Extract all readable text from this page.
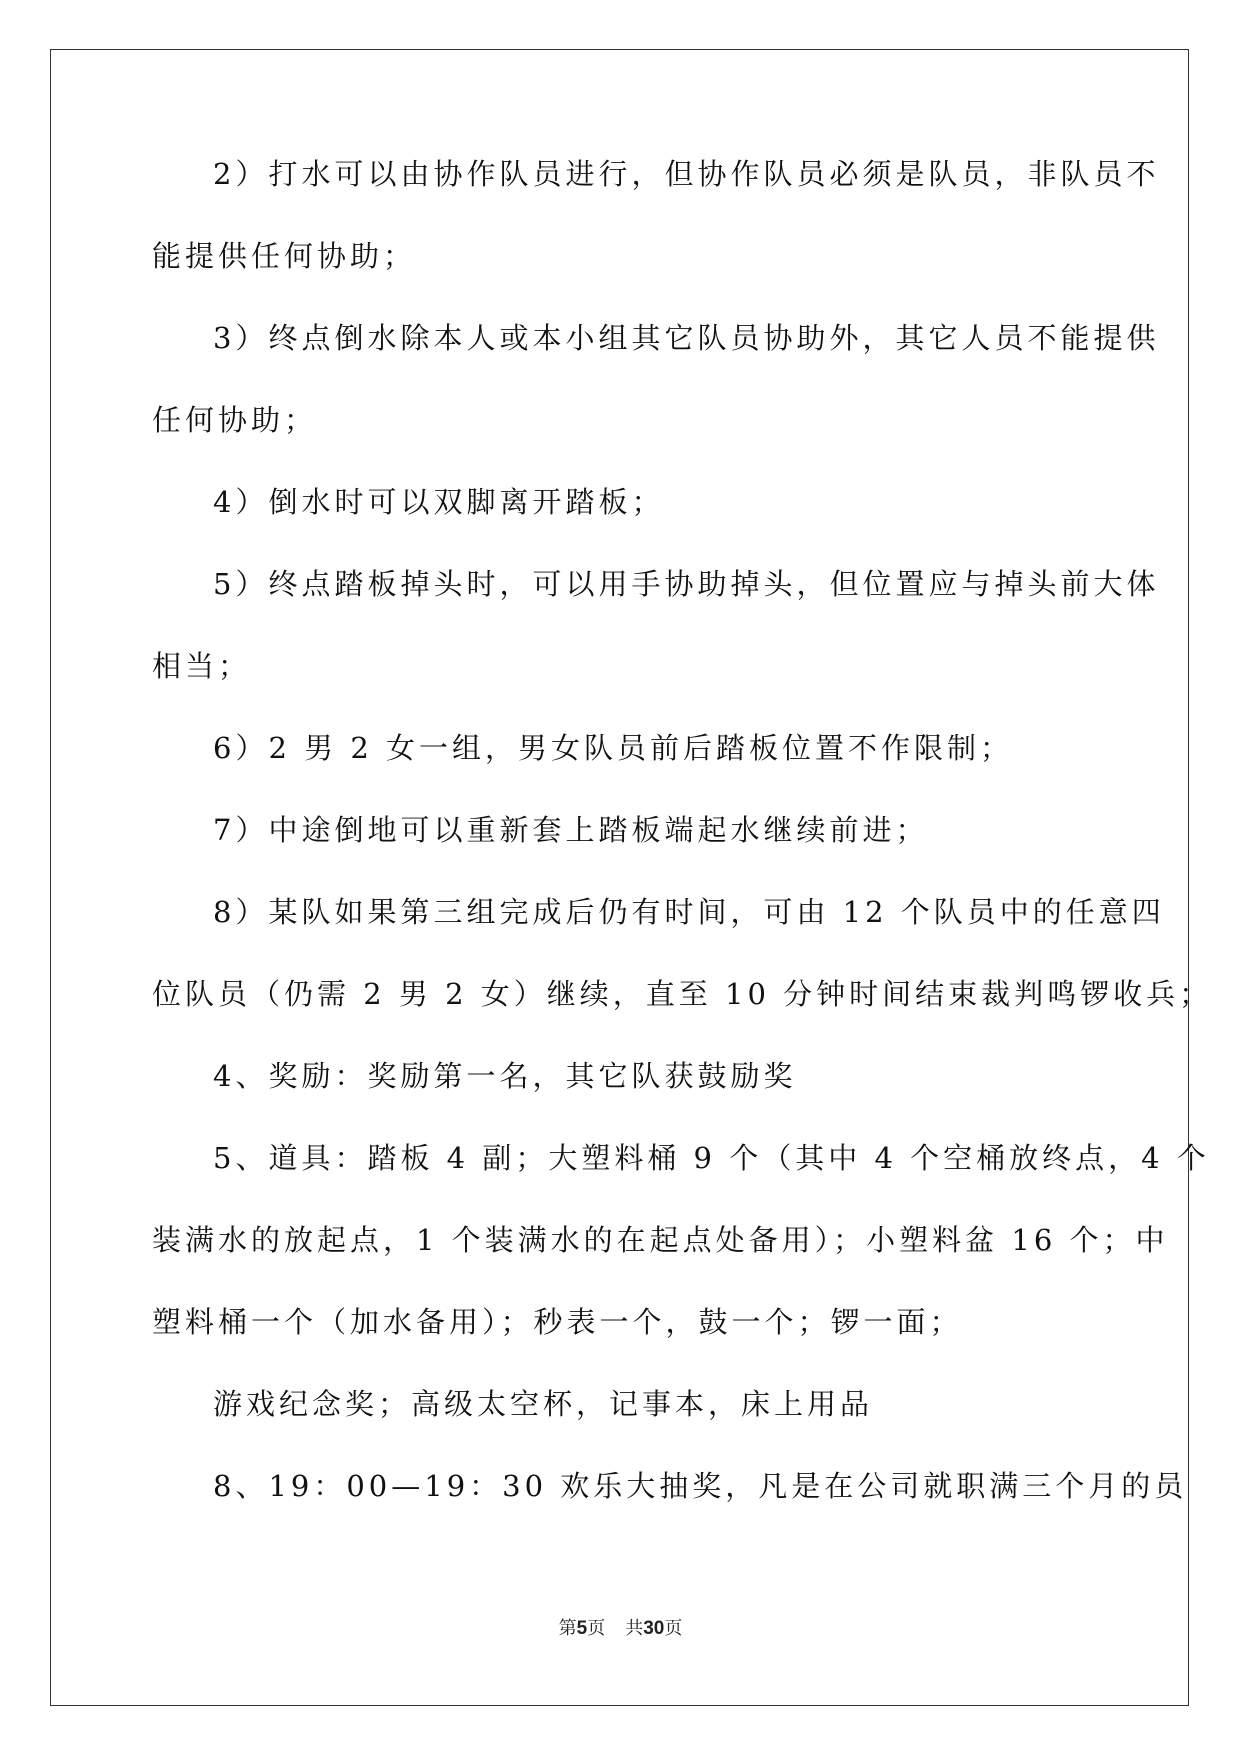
2）打水可以由协作队员进行，但协作队员必须是队员，非队员不
能提供任何协助；
3）终点倒水除本人或本小组其它队员协助外，其它人员不能提供
任何协助；
4）倒水时可以双脚离开踏板；
5）终点踏板掉头时，可以用手协助掉头，但位置应与掉头前大体
相当；
6）2 男 2 女一组，男女队员前后踏板位置不作限制；
7）中途倒地可以重新套上踏板端起水继续前进；
8）某队如果第三组完成后仍有时间，可由 12 个队员中的任意四
位队员（仍需 2 男 2 女）继续，直至 10 分钟时间结束裁判鸣锣收兵；
4、奖励：奖励第一名，其它队获鼓励奖
5、道具：踏板 4 副；大塑料桶 9 个（其中 4 个空桶放终点，4 个
装满水的放起点，1 个装满水的在起点处备用）；小塑料盆 16 个；中
塑料桶一个（加水备用）；秒表一个，鼓一个；锣一面；
游戏纪念奖；高级太空杯，记事本，床上用品
8、19：00—19：30 欢乐大抽奖，凡是在公司就职满三个月的员
第5页 共30页
